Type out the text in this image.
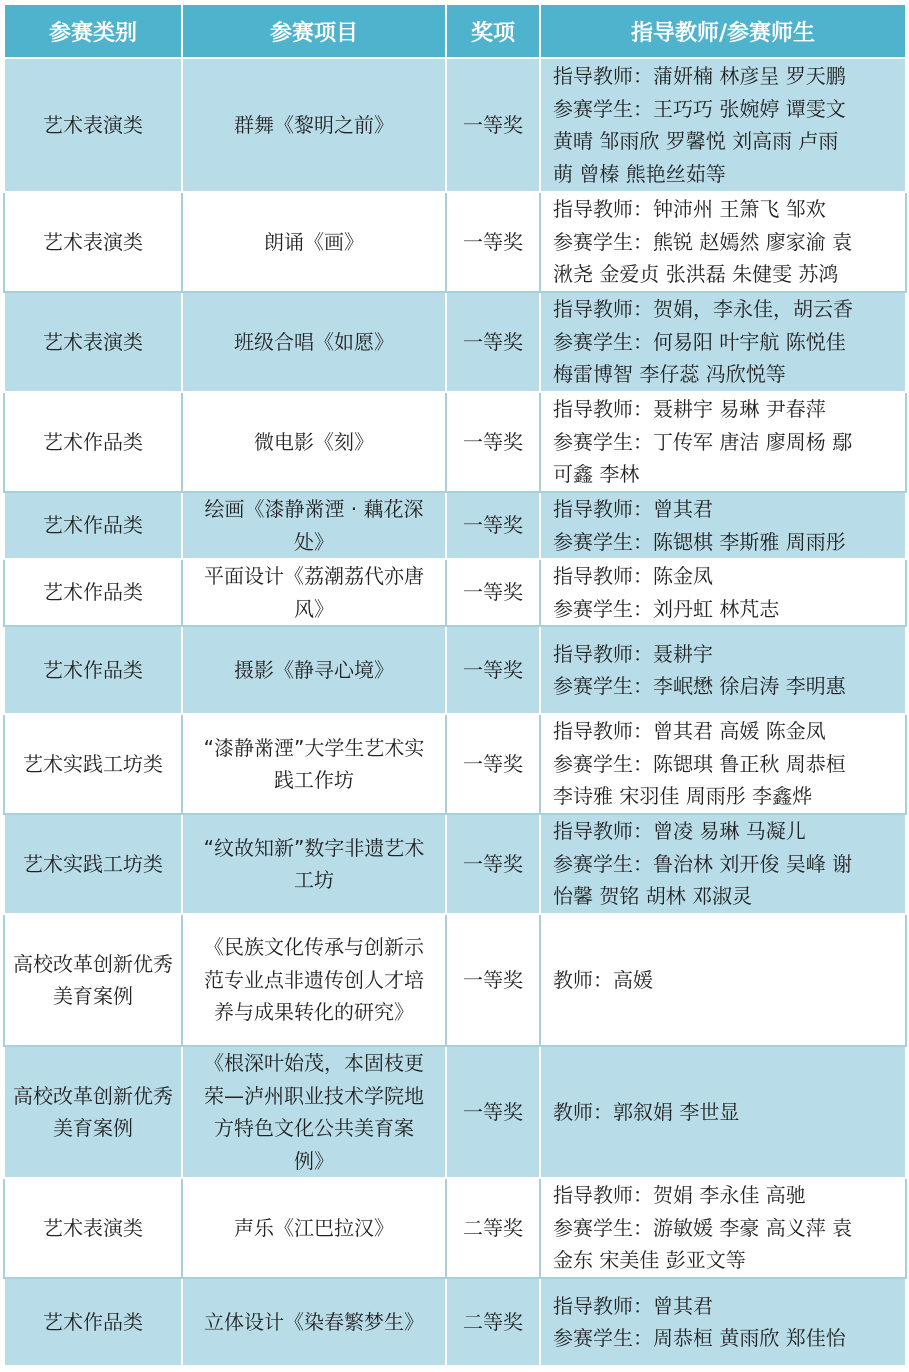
参赛类别	参赛项目	奖项	指导教师/参赛师生

艺术表演类	群舞《黎明之前》	一等奖	指导教师：蒲妍楠 林彦呈 罗天鹏
参赛学生：王巧巧 张婉婷 谭雯文
黄晴 邹雨欣 罗馨悦 刘高雨 卢雨
萌 曾榛 熊艳丝茹等

艺术表演类	朗诵《画》	一等奖	指导教师：钟沛州 王箫飞 邹欢
参赛学生：熊锐 赵嫣然 廖家渝 袁
湫尧 金爱贞 张洪磊 朱健雯 苏鸿

艺术表演类	班级合唱《如愿》	一等奖	指导教师：贺娟，李永佳，胡云香
参赛学生：何易阳 叶宇航 陈悦佳
梅雷博智 李仔蕊 冯欣悦等

艺术作品类	微电影《刻》	一等奖	指导教师：聂耕宇 易琳 尹春萍
参赛学生：丁传军 唐洁 廖周杨 鄢
可鑫 李林

艺术作品类	绘画《漆静黹湮 · 藕花深处》	一等奖	指导教师：曾其君
参赛学生：陈锶棋 李斯雅 周雨彤

艺术作品类	平面设计《荔潮荔代亦唐风》	一等奖	指导教师：陈金凤
参赛学生：刘丹虹 林芃志

艺术作品类	摄影《静寻心境》	一等奖	指导教师：聂耕宇
参赛学生：李岷懋 徐启涛 李明惠

艺术实践工坊类	“漆静黹湮”大学生艺术实践工作坊	一等奖	指导教师：曾其君 高媛 陈金凤
参赛学生：陈锶琪 鲁正秋 周恭桓
李诗雅 宋羽佳 周雨彤 李鑫烨

艺术实践工坊类	“纹故知新”数字非遗艺术工坊	一等奖	指导教师：曾凌 易琳 马凝儿
参赛学生：鲁治林 刘开俊 吴峰 谢
怡馨 贺铭 胡林 邓淑灵

高校改革创新优秀美育案例	《民族文化传承与创新示范专业点非遗传创人才培养与成果转化的研究》	一等奖	教师：高媛

高校改革创新优秀美育案例	《根深叶始茂，本固枝更荣—泸州职业技术学院地方特色文化公共美育案例》	一等奖	教师：郭叙娟 李世显

艺术表演类	声乐《江巴拉汉》	二等奖	指导教师：贺娟 李永佳 高驰
参赛学生：游敏媛 李豪 高义萍 袁
金东 宋美佳 彭亚文等

艺术作品类	立体设计《染春繁梦生》	二等奖	指导教师：曾其君
参赛学生：周恭桓 黄雨欣 郑佳怡
